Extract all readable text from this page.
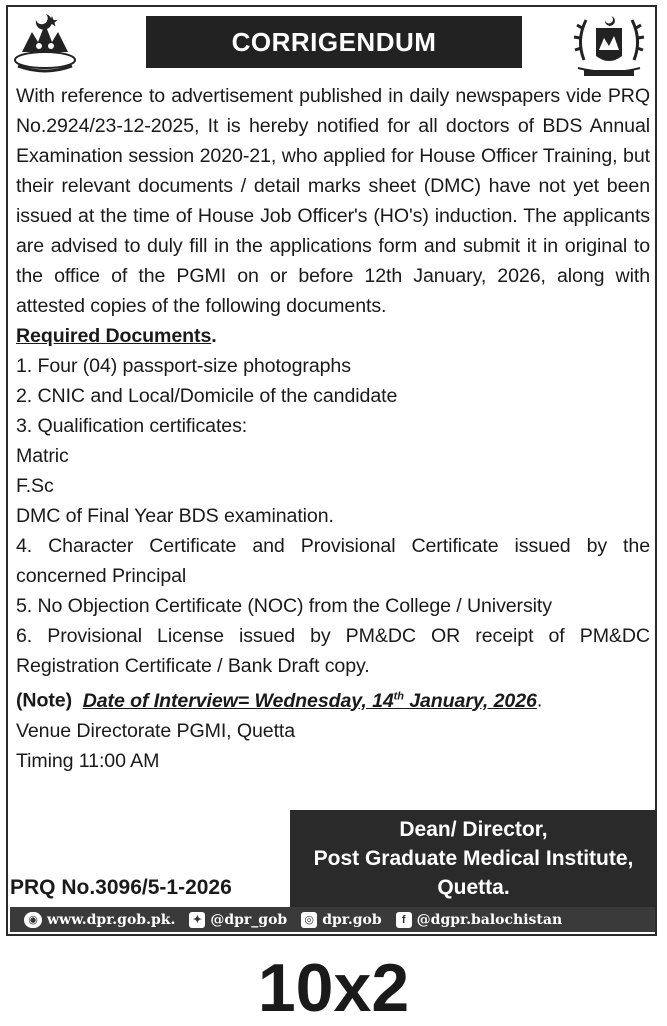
CORRIGENDUM

With reference to advertisement published in daily newspapers vide PRQ No.2924/23-12-2025, It is hereby notified for all doctors of BDS Annual Examination session 2020-21, who applied for House Officer Training, but their relevant documents / detail marks sheet (DMC) have not yet been issued at the time of House Job Officer's (HO's) induction. The applicants are advised to duly fill in the applications form and submit it in original to the office of the PGMI on or before 12th January, 2026, along with attested copies of the following documents.

Required Documents.

1. Four (04) passport-size photographs

2. CNIC and Local/Domicile of the candidate

3. Qualification certificates:

Matric

F.Sc

DMC of Final Year BDS examination.

4. Character Certificate and Provisional Certificate issued by the concerned Principal

5. No Objection Certificate (NOC) from the College / University

6. Provisional License issued by PM&DC OR receipt of PM&DC Registration Certificate / Bank Draft copy.

(Note) Date of Interview= Wednesday, 14th January, 2026.

Venue Directorate PGMI, Quetta

Timing 11:00 AM

Dean/ Director,
Post Graduate Medical Institute,
Quetta.
PRQ No.3096/5-1-2026
◉ www.dpr.gob.pk.	✦ @dpr_gob ◎ dpr.gob	f @dgpr.balochistan
10x2
